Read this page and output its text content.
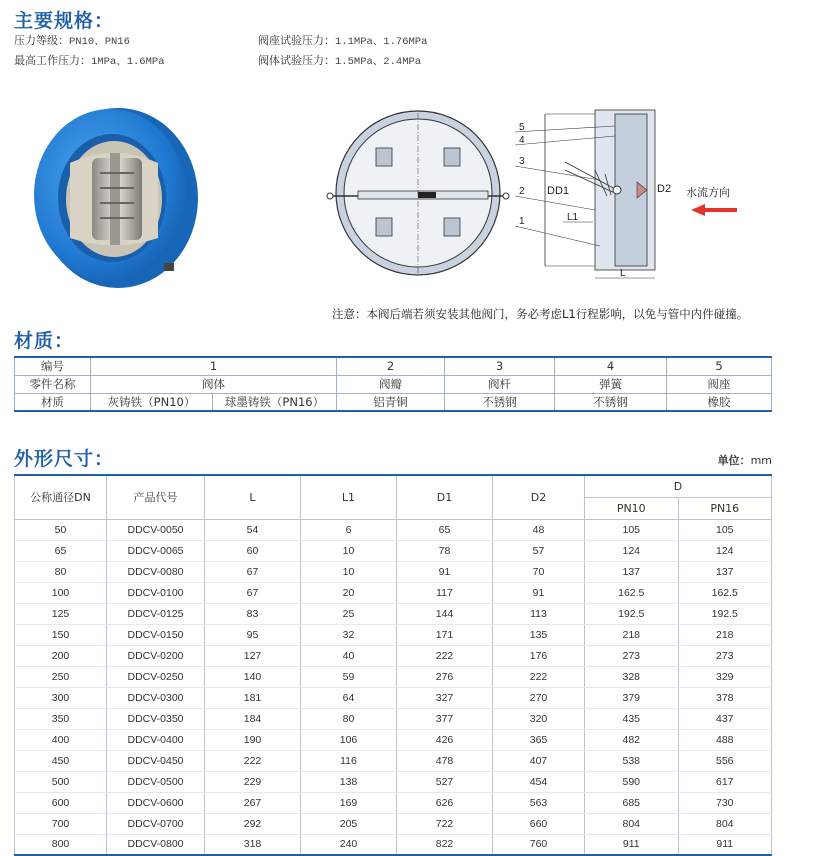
主要规格：
压力等级：PN10、PN16
最高工作压力：1MPa、1.6MPa
阀座试验压力：1.1MPa、1.76MPa
阀体试验压力：1.5MPa、2.4MPa
5
4
3
2
1
DD1	D2
L1
L
水流方向
注意：本阀后端若须安装其他阀门，务必考虑L1行程影响，以免与管中内件碰撞。
材质：
编号	1		2	3	4	5
零件名称	阀体		阀瓣	阀杆	弹簧	阀座
材质	灰铸铁（PN10）	球墨铸铁（PN16）	铝青铜	不锈钢	不锈钢	橡胶
外形尺寸：	单位：mm
公称通径DN	产品代号	L	L1	D1	D2	D	
						PN10	PN16
50	DDCV-0050	54	6	65	48	105	105
65	DDCV-0065	60	10	78	57	124	124
80	DDCV-0080	67	10	91	70	137	137
100	DDCV-0100	67	20	117	91	162.5	162.5
125	DDCV-0125	83	25	144	113	192.5	192.5
150	DDCV-0150	95	32	171	135	218	218
200	DDCV-0200	127	40	222	176	273	273
250	DDCV-0250	140	59	276	222	328	329
300	DDCV-0300	181	64	327	270	379	378
350	DDCV-0350	184	80	377	320	435	437
400	DDCV-0400	190	106	426	365	482	488
450	DDCV-0450	222	116	478	407	538	556
500	DDCV-0500	229	138	527	454	590	617
600	DDCV-0600	267	169	626	563	685	730
700	DDCV-0700	292	205	722	660	804	804
800	DDCV-0800	318	240	822	760	911	911
